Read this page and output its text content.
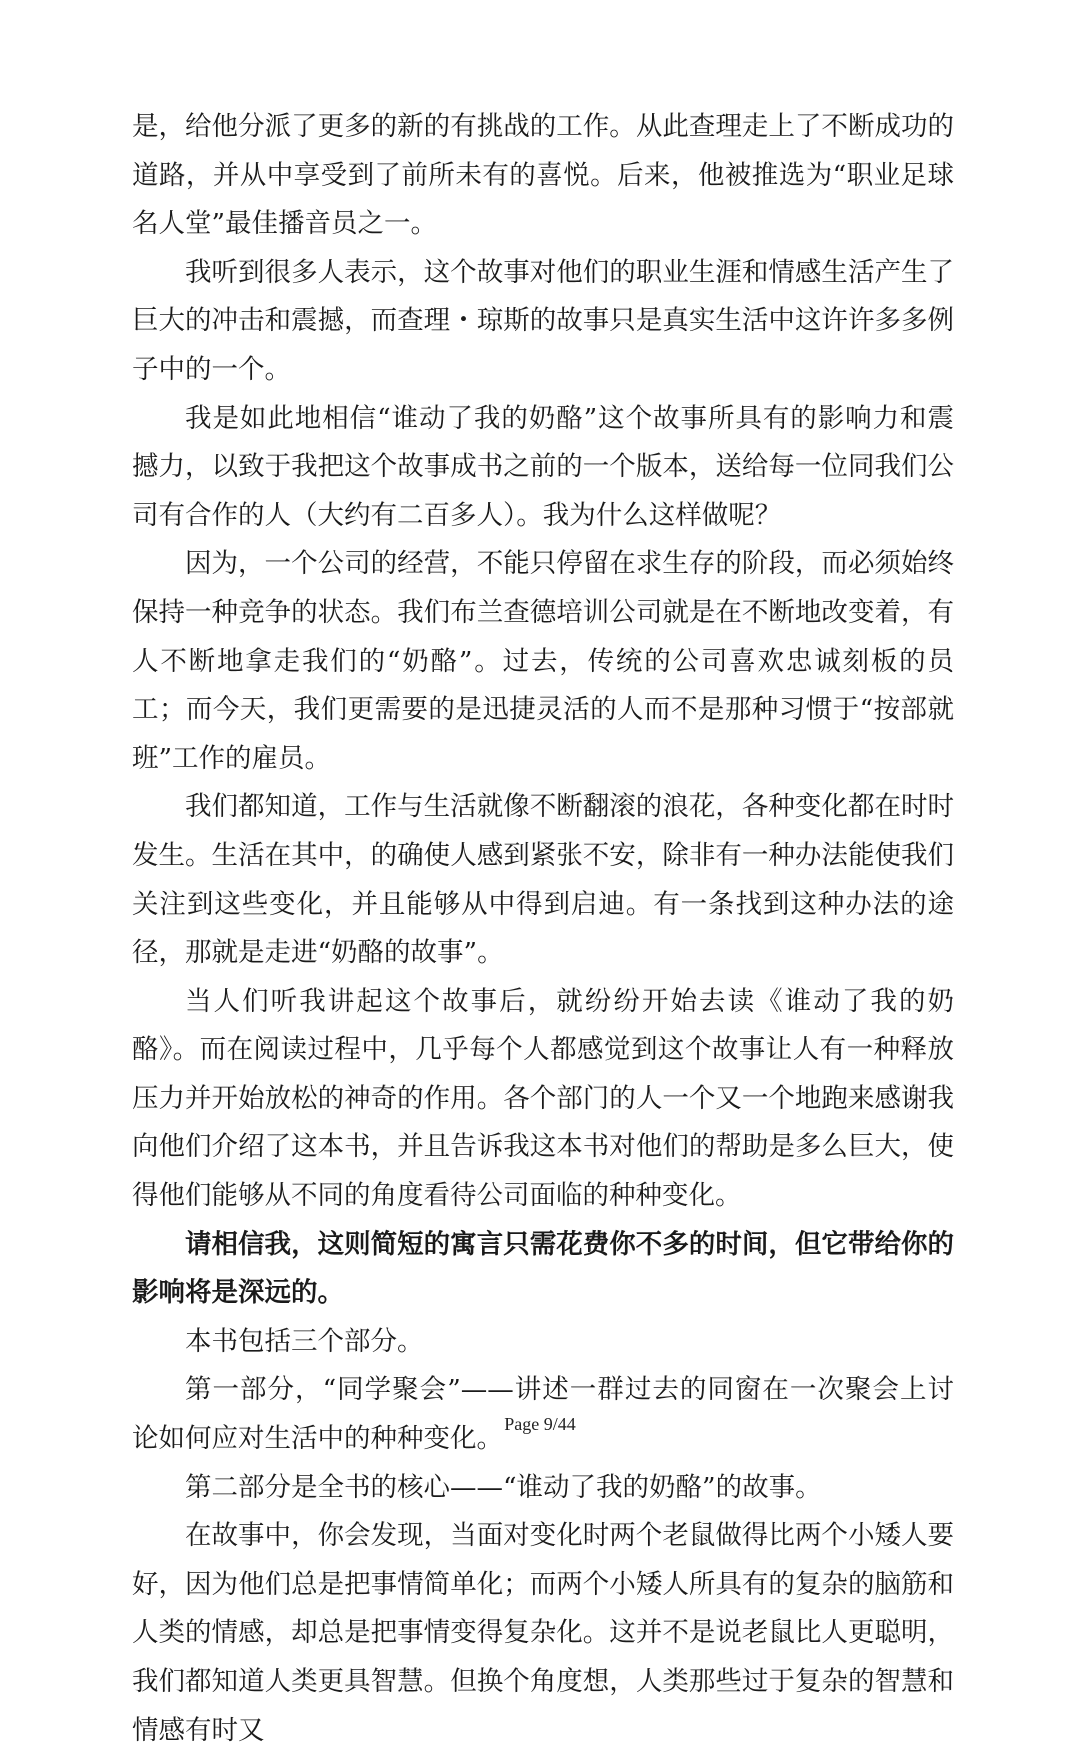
是，给他分派了更多的新的有挑战的工作。从此查理走上了不断成功的道路，并从中享受到了前所未有的喜悦。后来，他被推选为“职业足球名人堂”最佳播音员之一。

我听到很多人表示，这个故事对他们的职业生涯和情感生活产生了巨大的冲击和震撼，而查理・琼斯的故事只是真实生活中这许许多多例子中的一个。

我是如此地相信“谁动了我的奶酪”这个故事所具有的影响力和震撼力，以致于我把这个故事成书之前的一个版本，送给每一位同我们公司有合作的人（大约有二百多人）。我为什么这样做呢？

因为，一个公司的经营，不能只停留在求生存的阶段，而必须始终保持一种竞争的状态。我们布兰查德培训公司就是在不断地改变着，有人不断地拿走我们的“奶酪”。过去，传统的公司喜欢忠诚刻板的员工；而今天，我们更需要的是迅捷灵活的人而不是那种习惯于“按部就班”工作的雇员。

我们都知道，工作与生活就像不断翻滚的浪花，各种变化都在时时发生。生活在其中，的确使人感到紧张不安，除非有一种办法能使我们关注到这些变化，并且能够从中得到启迪。有一条找到这种办法的途径，那就是走进“奶酪的故事”。

当人们听我讲起这个故事后，就纷纷开始去读《谁动了我的奶酪》。而在阅读过程中，几乎每个人都感觉到这个故事让人有一种释放压力并开始放松的神奇的作用。各个部门的人一个又一个地跑来感谢我向他们介绍了这本书，并且告诉我这本书对他们的帮助是多么巨大，使得他们能够从不同的角度看待公司面临的种种变化。

请相信我，这则简短的寓言只需花费你不多的时间，但它带给你的影响将是深远的。

本书包括三个部分。

第一部分，“同学聚会”——讲述一群过去的同窗在一次聚会上讨论如何应对生活中的种种变化。

第二部分是全书的核心——“谁动了我的奶酪”的故事。

在故事中，你会发现，当面对变化时两个老鼠做得比两个小矮人要好，因为他们总是把事情简单化；而两个小矮人所具有的复杂的脑筋和人类的情感，却总是把事情变得复杂化。这并不是说老鼠比人更聪明，我们都知道人类更具智慧。但换个角度想，人类那些过于复杂的智慧和情感有时又

Page 9/44
